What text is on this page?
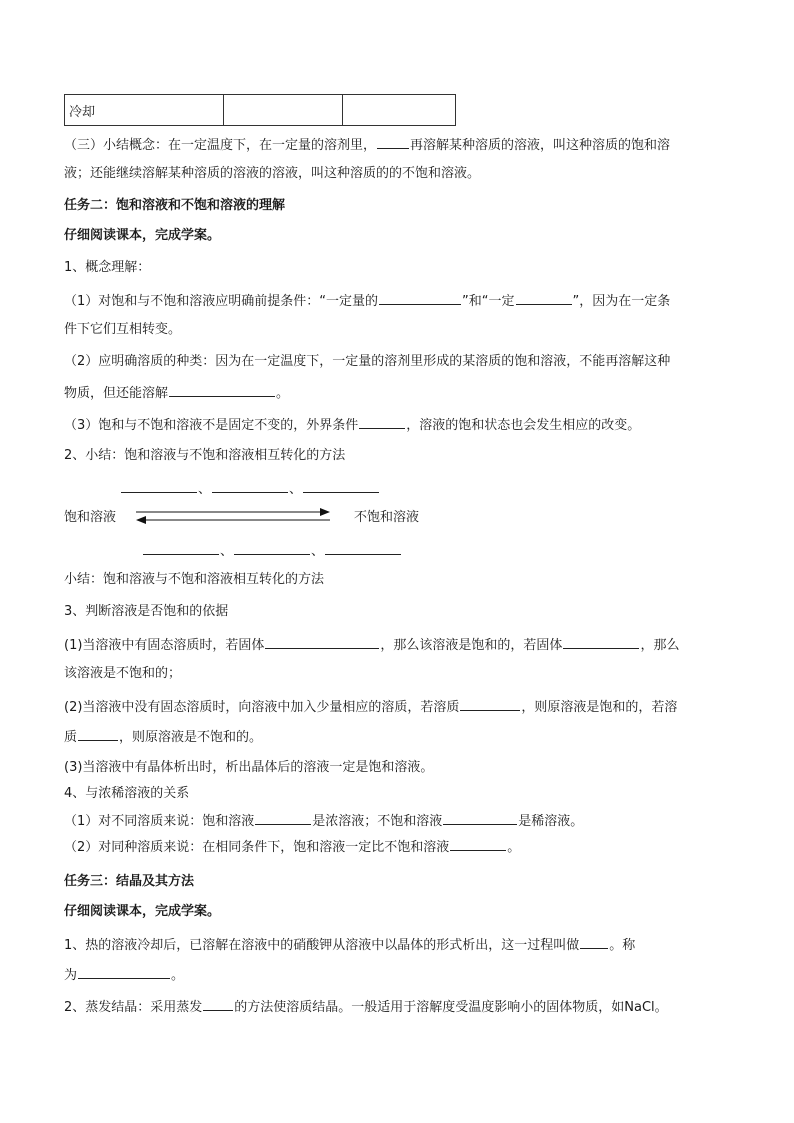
冷却		
（三）小结概念：在一定温度下，在一定量的溶剂里，	再溶解某种溶质的溶液，叫这种溶质的饱和溶
液；还能继续溶解某种溶质的溶液的溶液，叫这种溶质的的不饱和溶液。
任务二：饱和溶液和不饱和溶液的理解
仔细阅读课本，完成学案。
1、概念理解：
（1）对饱和与不饱和溶液应明确前提条件：“一定量的	”和“一定	”，因为在一定条
件下它们互相转变。
（2）应明确溶质的种类：因为在一定温度下，一定量的溶剂里形成的某溶质的饱和溶液，不能再溶解这种
物质，但还能溶解	。
（3）饱和与不饱和溶液不是固定不变的，外界条件	，溶液的饱和状态也会发生相应的改变。
2、小结：饱和溶液与不饱和溶液相互转化的方法
、	、
饱和溶液	不饱和溶液
、	、
小结：饱和溶液与不饱和溶液相互转化的方法
3、判断溶液是否饱和的依据
(1)当溶液中有固态溶质时，若固体	，那么该溶液是饱和的，若固体	，那么
该溶液是不饱和的；
(2)当溶液中没有固态溶质时，向溶液中加入少量相应的溶质，若溶质	，则原溶液是饱和的，若溶
质	，则原溶液是不饱和的。
(3)当溶液中有晶体析出时，析出晶体后的溶液一定是饱和溶液。
4、与浓稀溶液的关系
（1）对不同溶质来说：饱和溶液	是浓溶液；不饱和溶液	是稀溶液。
（2）对同种溶质来说：在相同条件下，饱和溶液一定比不饱和溶液	。
任务三：结晶及其方法
仔细阅读课本，完成学案。
1、热的溶液冷却后，已溶解在溶液中的硝酸钾从溶液中以晶体的形式析出，这一过程叫做 。称
为	。
2、蒸发结晶：采用蒸发 的方法使溶质结晶。一般适用于溶解度受温度影响小的固体物质，如NaCl。
